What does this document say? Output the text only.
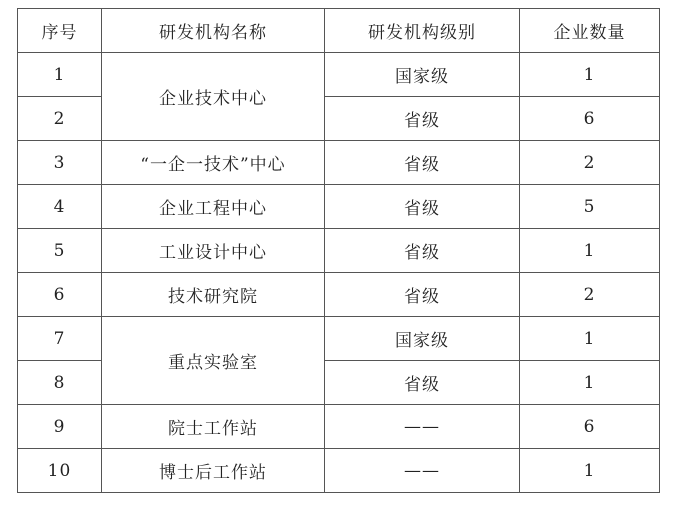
序号	研发机构名称	研发机构级别	企业数量
1	企业技术中心	国家级	1
2		省级	6
3	“一企一技术”中心	省级	2
4	企业工程中心	省级	5
5	工业设计中心	省级	1
6	技术研究院	省级	2
7	重点实验室	国家级	1
8		省级	1
9	院士工作站	——	6
10	博士后工作站	——	1
